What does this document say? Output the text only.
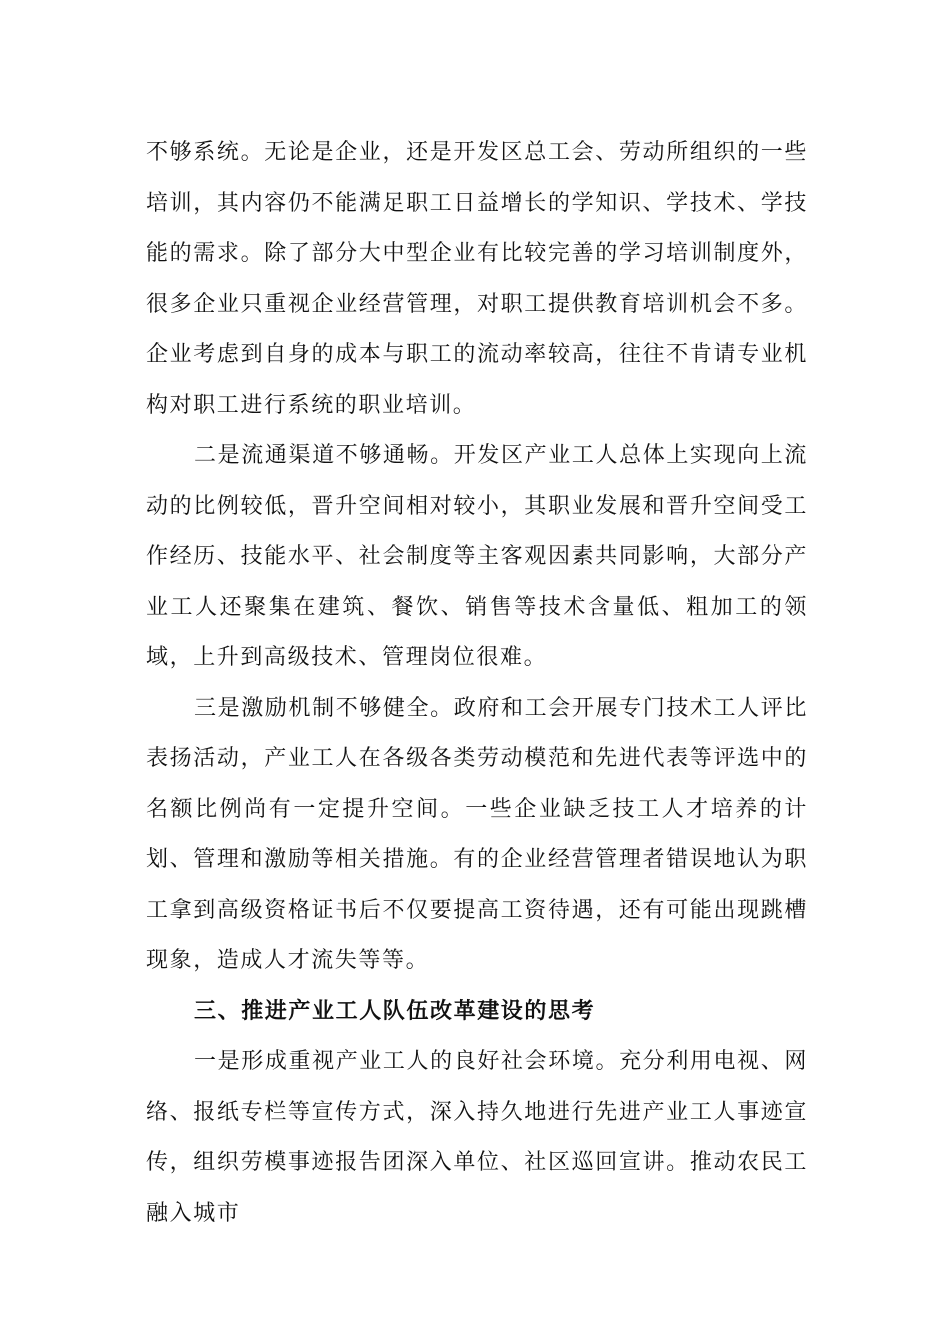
不够系统。无论是企业，还是开发区总工会、劳动所组织的一些培训，其内容仍不能满足职工日益增长的学知识、学技术、学技能的需求。除了部分大中型企业有比较完善的学习培训制度外，很多企业只重视企业经营管理，对职工提供教育培训机会不多。企业考虑到自身的成本与职工的流动率较高，往往不肯请专业机构对职工进行系统的职业培训。

二是流通渠道不够通畅。开发区产业工人总体上实现向上流动的比例较低，晋升空间相对较小，其职业发展和晋升空间受工作经历、技能水平、社会制度等主客观因素共同影响，大部分产业工人还聚集在建筑、餐饮、销售等技术含量低、粗加工的领域，上升到高级技术、管理岗位很难。

三是激励机制不够健全。政府和工会开展专门技术工人评比表扬活动，产业工人在各级各类劳动模范和先进代表等评选中的名额比例尚有一定提升空间。一些企业缺乏技工人才培养的计划、管理和激励等相关措施。有的企业经营管理者错误地认为职工拿到高级资格证书后不仅要提高工资待遇，还有可能出现跳槽现象，造成人才流失等等。

三、推进产业工人队伍改革建设的思考

一是形成重视产业工人的良好社会环境。充分利用电视、网络、报纸专栏等宣传方式，深入持久地进行先进产业工人事迹宣传，组织劳模事迹报告团深入单位、社区巡回宣讲。推动农民工融入城市
